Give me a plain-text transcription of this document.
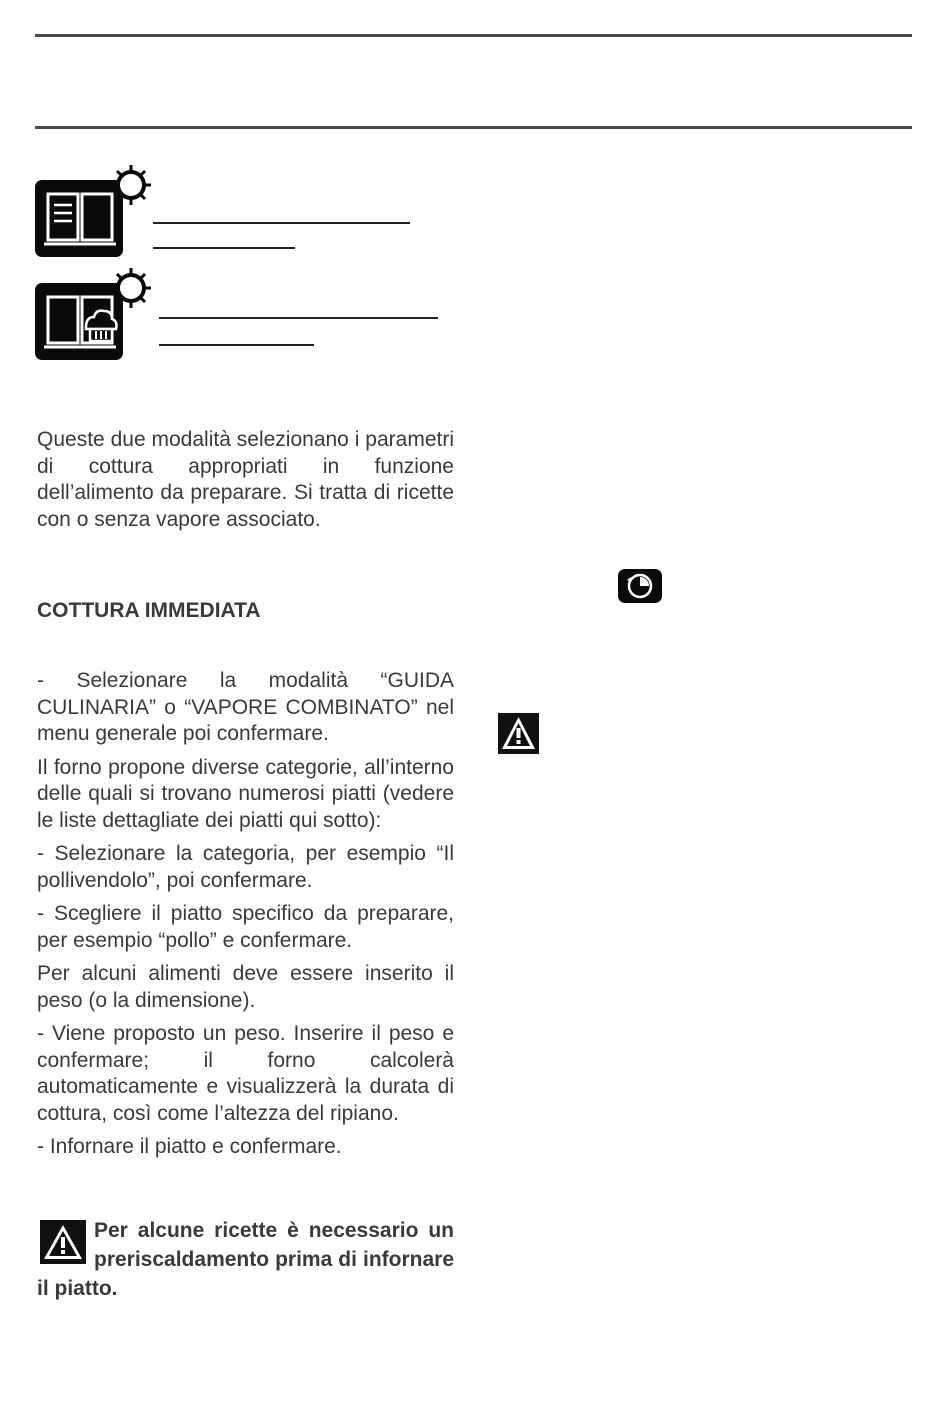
Queste due modalità selezionano i parametri di cottura appropriati in funzione dell’alimento da preparare. Si tratta di ricette con o senza vapore associato.

COTTURA IMMEDIATA

- Selezionare la modalità “GUIDA CULINARIA” o “VAPORE COMBINATO” nel menu generale poi confermare.

Il forno propone diverse categorie, all’interno delle quali si trovano numerosi piatti (vedere le liste dettagliate dei piatti qui sotto):

- Selezionare la categoria, per esempio “Il pollivendolo”, poi confermare.

- Scegliere il piatto specifico da preparare, per esempio “pollo” e confermare.

Per alcuni alimenti deve essere inserito il peso (o la dimensione).

- Viene proposto un peso. Inserire il peso e confermare; il forno calcolerà automaticamente e visualizzerà la durata di cottura, così come l’altezza del ripiano.

- Infornare il piatto e confermare.

Per alcune ricette è necessario un preriscaldamento prima di infornare il piatto.
